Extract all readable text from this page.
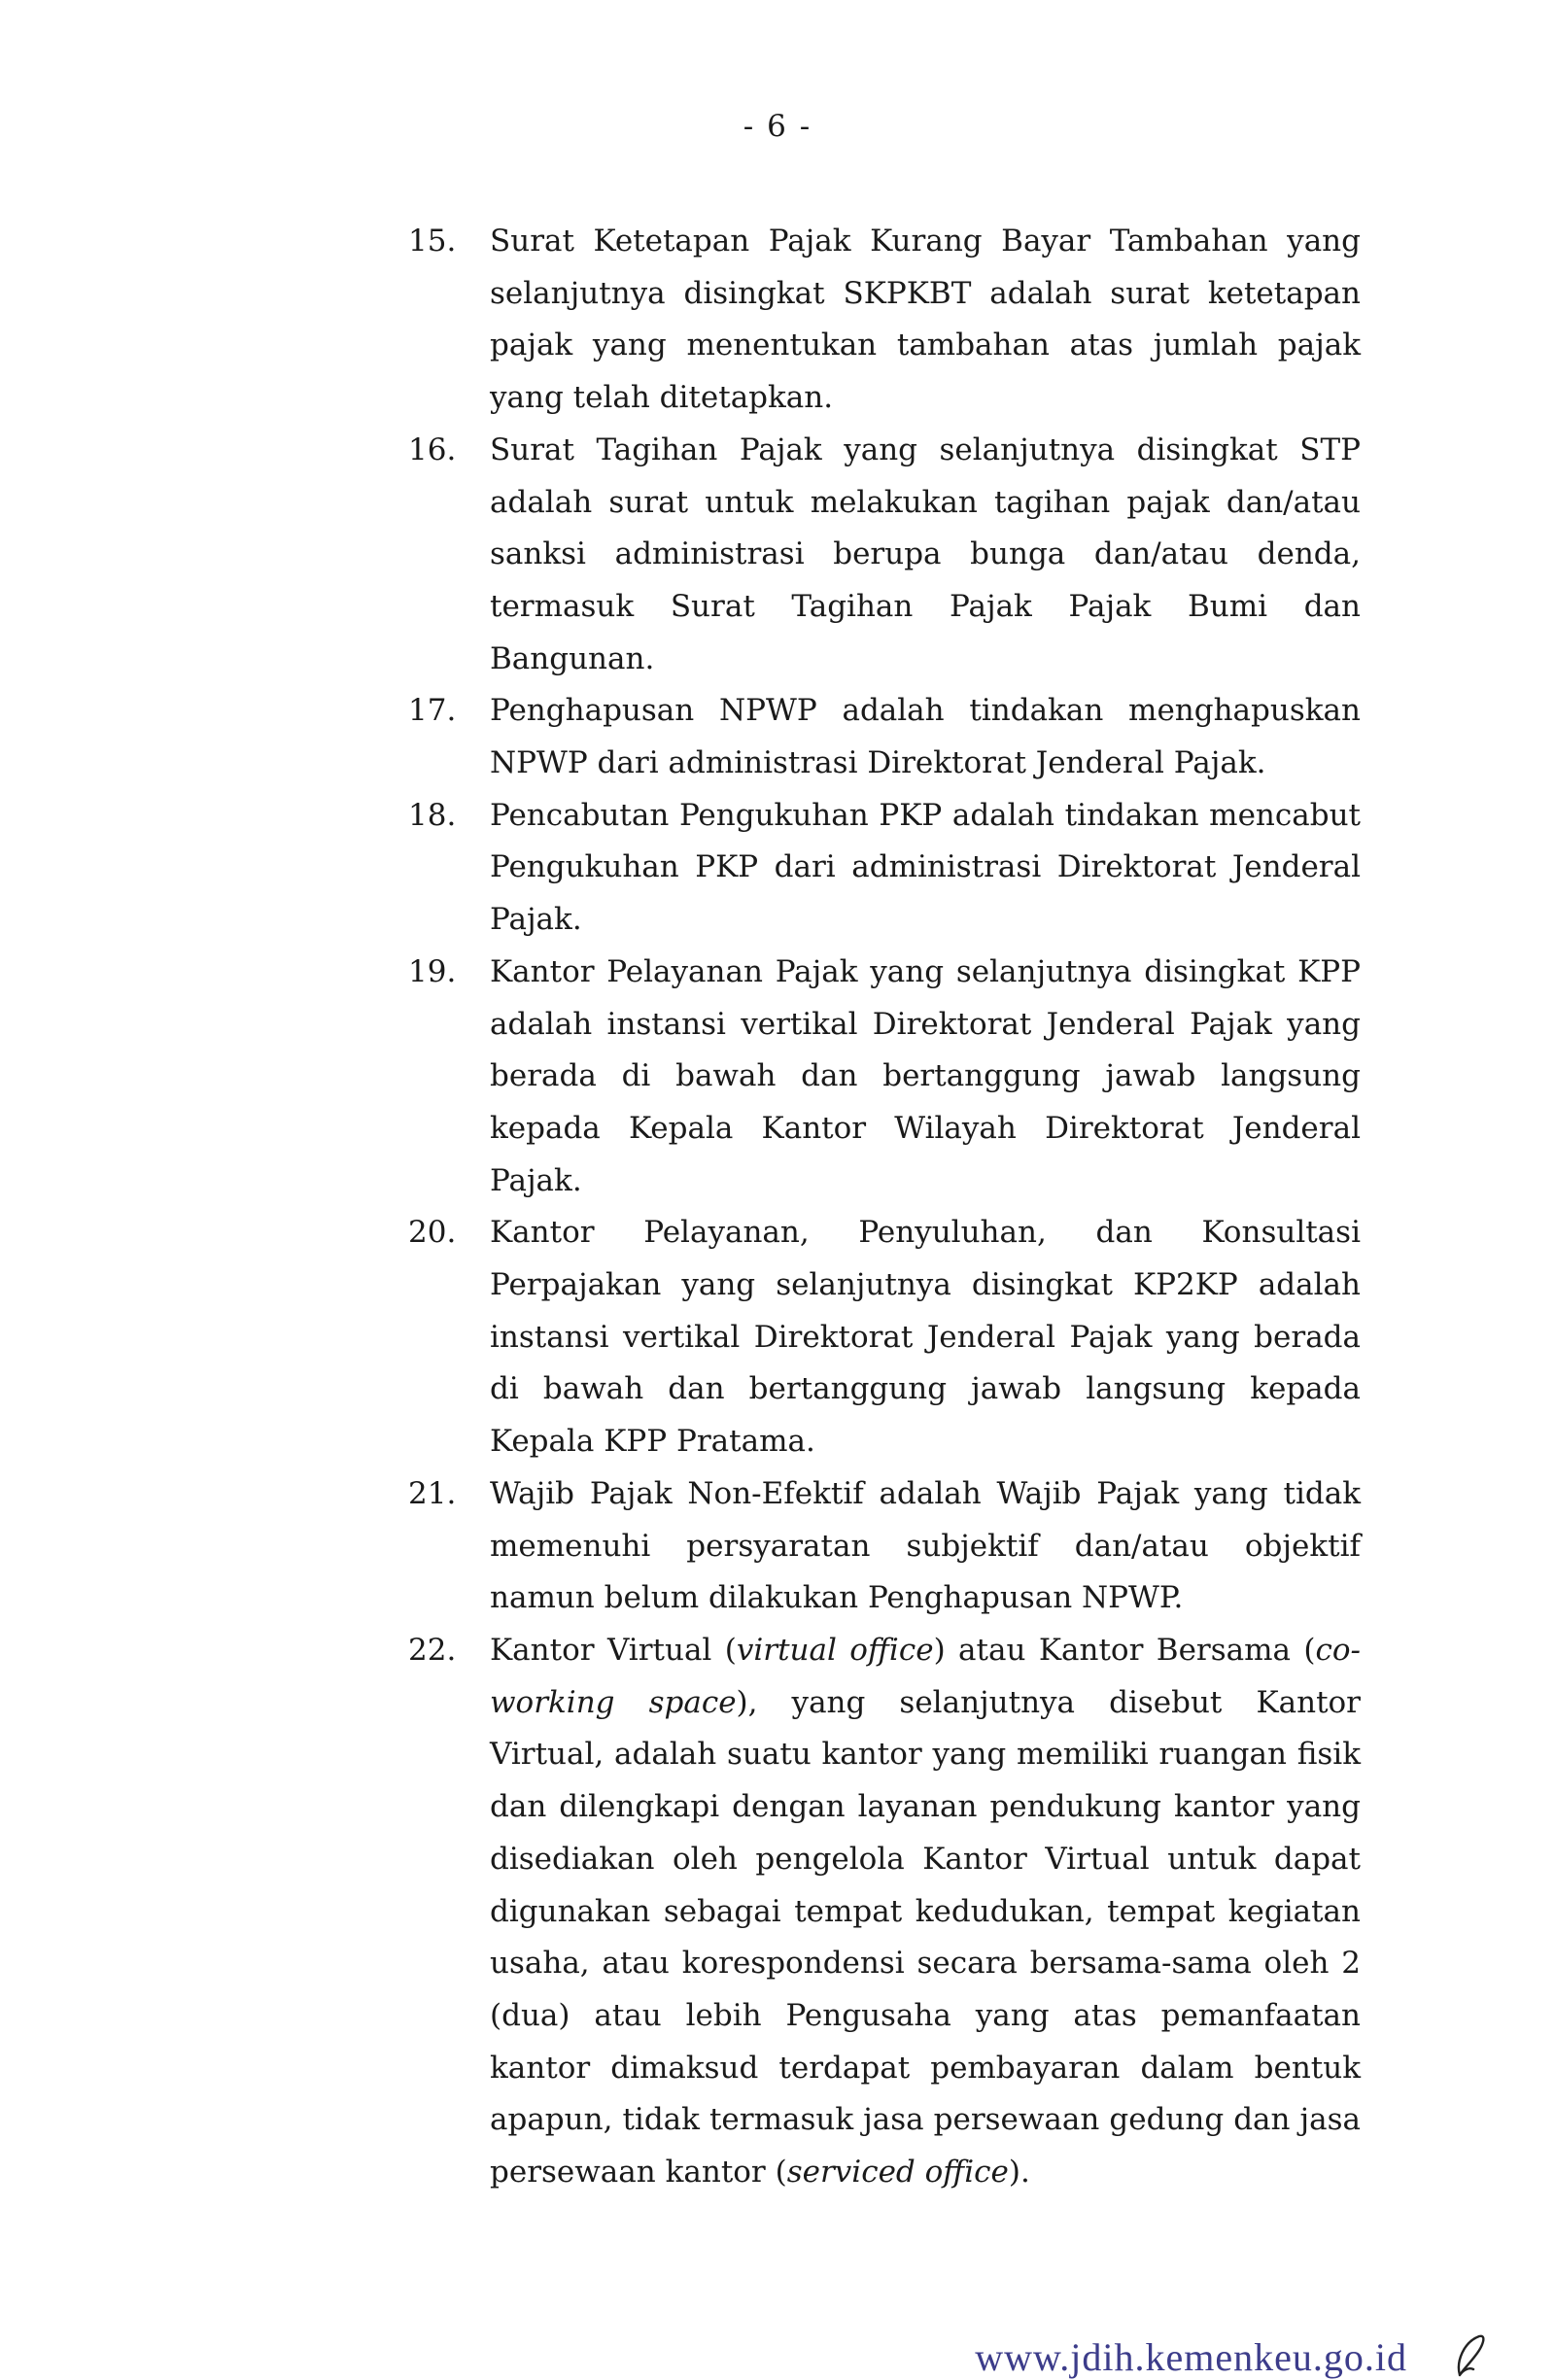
- 6 -
15.	Surat Ketetapan Pajak Kurang Bayar Tambahan yang selanjutnya disingkat SKPKBT adalah surat ketetapan pajak yang menentukan tambahan atas jumlah pajak yang telah ditetapkan.
16.	Surat Tagihan Pajak yang selanjutnya disingkat STP adalah surat untuk melakukan tagihan pajak dan/atau sanksi administrasi berupa bunga dan/atau denda, termasuk Surat Tagihan Pajak Pajak Bumi dan Bangunan.
17.	Penghapusan NPWP adalah tindakan menghapuskan NPWP dari administrasi Direktorat Jenderal Pajak.
18.	Pencabutan Pengukuhan PKP adalah tindakan mencabut Pengukuhan PKP dari administrasi Direktorat Jenderal Pajak.
19.	Kantor Pelayanan Pajak yang selanjutnya disingkat KPP adalah instansi vertikal Direktorat Jenderal Pajak yang berada di bawah dan bertanggung jawab langsung kepada Kepala Kantor Wilayah Direktorat Jenderal Pajak.
20.	Kantor Pelayanan, Penyuluhan, dan Konsultasi Perpajakan yang selanjutnya disingkat KP2KP adalah instansi vertikal Direktorat Jenderal Pajak yang berada di bawah dan bertanggung jawab langsung kepada Kepala KPP Pratama.
21.	Wajib Pajak Non-Efektif adalah Wajib Pajak yang tidak memenuhi persyaratan subjektif dan/atau objektif namun belum dilakukan Penghapusan NPWP.
22.	Kantor Virtual (virtual office) atau Kantor Bersama (co-working space), yang selanjutnya disebut Kantor Virtual, adalah suatu kantor yang memiliki ruangan fisik dan dilengkapi dengan layanan pendukung kantor yang disediakan oleh pengelola Kantor Virtual untuk dapat digunakan sebagai tempat kedudukan, tempat kegiatan usaha, atau korespondensi secara bersama-sama oleh 2 (dua) atau lebih Pengusaha yang atas pemanfaatan kantor dimaksud terdapat pembayaran dalam bentuk apapun, tidak termasuk jasa persewaan gedung dan jasa persewaan kantor (serviced office).
www.jdih.kemenkeu.go.id
